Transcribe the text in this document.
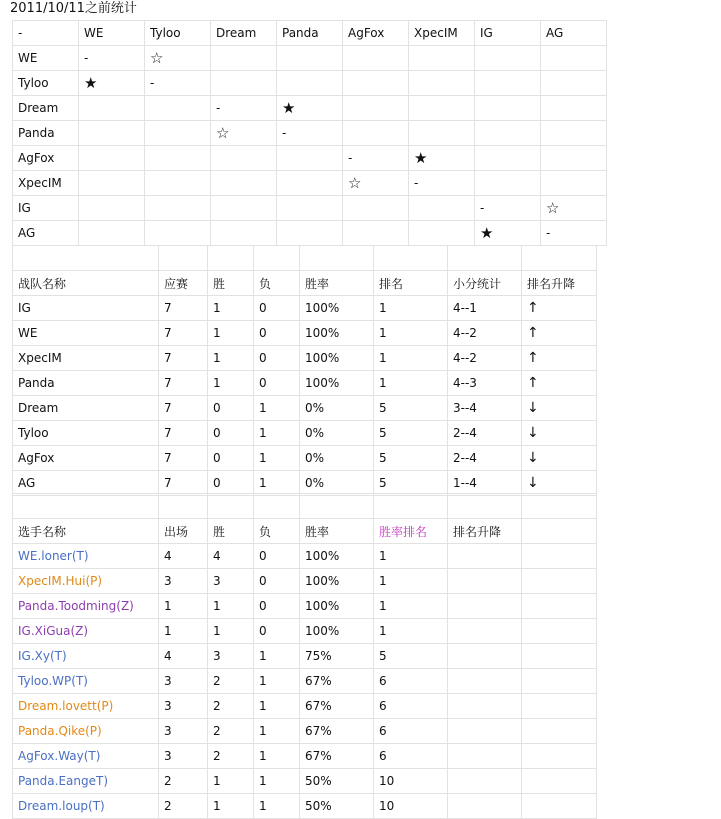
2011/10/11之前统计
-	WE	Tyloo	Dream	Panda	AgFox	XpecIM	IG	AG
WE	-	☆						
Tyloo	★	-						
Dream			-	★				
Panda			☆	-				
AgFox					-	★		
XpecIM					☆	-		
IG							-	☆
AG							★	-

战队名称	应赛	胜	负	胜率	排名	小分统计	排名升降
IG	7	1	0	100%	1	4--1	↑
WE	7	1	0	100%	1	4--2	↑
XpecIM	7	1	0	100%	1	4--2	↑
Panda	7	1	0	100%	1	4--3	↑
Dream	7	0	1	0%	5	3--4	↓
Tyloo	7	0	1	0%	5	2--4	↓
AgFox	7	0	1	0%	5	2--4	↓
AG	7	0	1	0%	5	1--4	↓

选手名称	出场	胜	负	胜率	胜率排名	排名升降	
WE.loner(T)	4	4	0	100%	1		
XpecIM.Hui(P)	3	3	0	100%	1		
Panda.Toodming(Z)	1	1	0	100%	1		
IG.XiGua(Z)	1	1	0	100%	1		
IG.Xy(T)	4	3	1	75%	5		
Tyloo.WP(T)	3	2	1	67%	6		
Dream.lovett(P)	3	2	1	67%	6		
Panda.Qike(P)	3	2	1	67%	6		
AgFox.Way(T)	3	2	1	67%	6		
Panda.EangeT)	2	1	1	50%	10		
Dream.loup(T)	2	1	1	50%	10		
